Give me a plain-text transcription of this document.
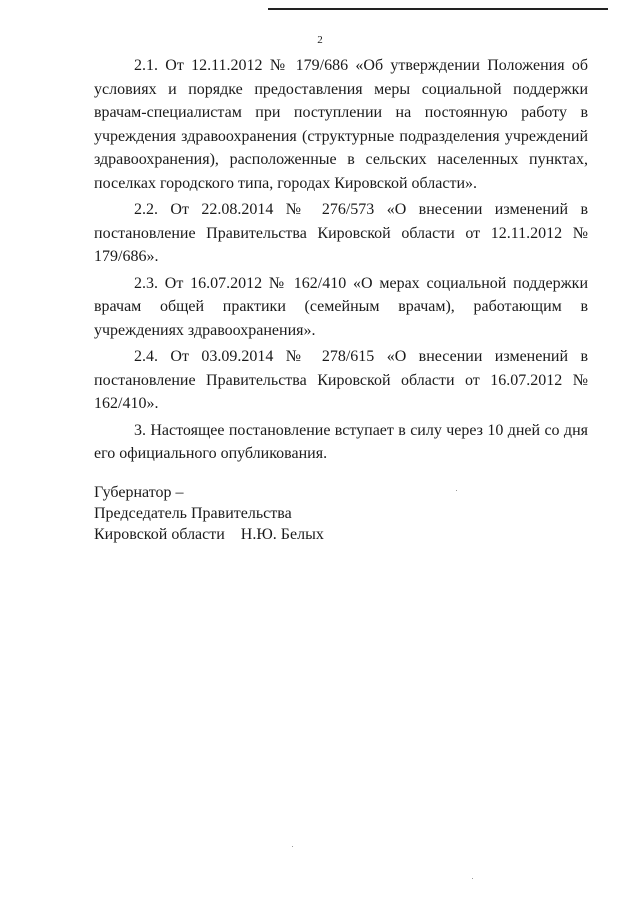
2

2.1. От 12.11.2012 № 179/686 «Об утверждении Положения об условиях и порядке предоставления меры социальной поддержки врачам-специалистам при поступлении на постоянную работу в учреждения здравоохранения (структурные подразделения учреждений здравоохранения), расположенные в сельских населенных пунктах, поселках городского типа, городах Кировской области».

2.2. От 22.08.2014 № 276/573 «О внесении изменений в постановление Правительства Кировской области от 12.11.2012 № 179/686».

2.3. От 16.07.2012 № 162/410 «О мерах социальной поддержки врачам общей практики (семейным врачам), работающим в учреждениях здравоохранения».

2.4. От 03.09.2014 № 278/615 «О внесении изменений в постановление Правительства Кировской области от 16.07.2012 № 162/410».

3. Настоящее постановление вступает в силу через 10 дней со дня его официального опубликования.

Губернатор –
Председатель Правительства
Кировской области    Н.Ю. Белых
